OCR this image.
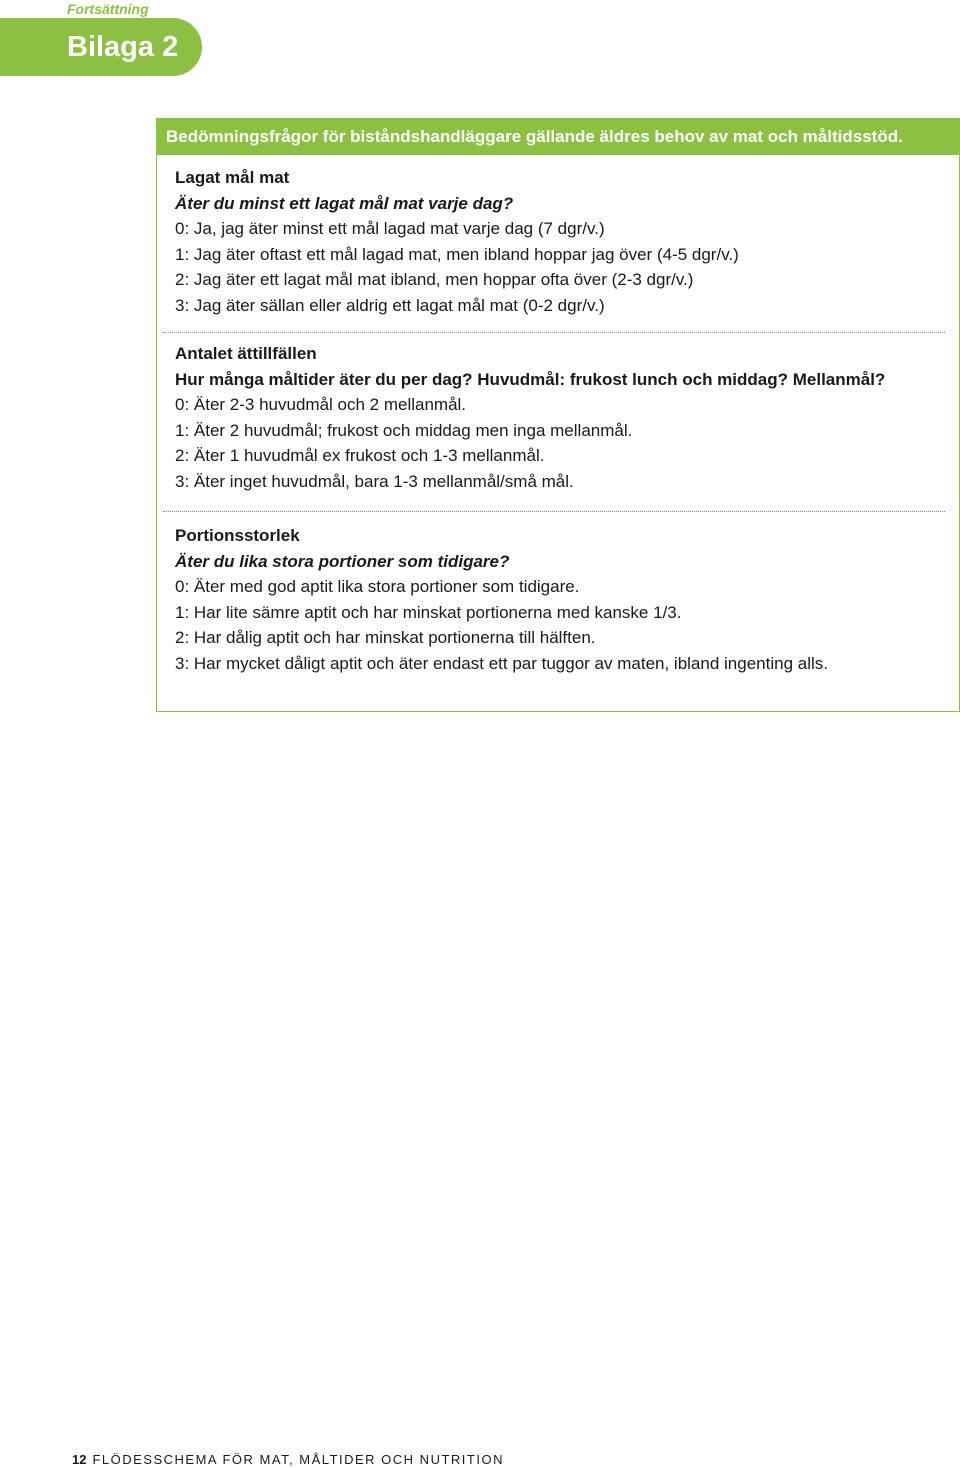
Fortsättning
Bilaga 2
Bedömningsfrågor för biståndshandläggare gällande äldres behov av mat och måltidsstöd.
Lagat mål mat
Äter du minst ett lagat mål mat varje dag?
0: Ja, jag äter minst ett mål lagad mat varje dag (7 dgr/v.)
1: Jag äter oftast ett mål lagad mat, men ibland hoppar jag över (4-5 dgr/v.)
2: Jag äter ett lagat mål mat ibland, men hoppar ofta över (2-3 dgr/v.)
3: Jag äter sällan eller aldrig ett lagat mål mat (0-2 dgr/v.)
Antalet ättillfällen
Hur många måltider äter du per dag? Huvudmål: frukost lunch och middag? Mellanmål?
0: Äter 2-3 huvudmål och 2 mellanmål.
1: Äter 2 huvudmål; frukost och middag men inga mellanmål.
2: Äter 1 huvudmål ex frukost och 1-3 mellanmål.
3: Äter inget huvudmål, bara 1-3 mellanmål/små mål.
Portionsstorlek
Äter du lika stora portioner som tidigare?
0: Äter med god aptit lika stora portioner som tidigare.
1: Har lite sämre aptit och har minskat portionerna med kanske 1/3.
2: Har dålig aptit och har minskat portionerna till hälften.
3: Har mycket dåligt aptit och äter endast ett par tuggor av maten, ibland ingenting alls.
12 FLÖDESSCHEMA FÖR MAT, MÅLTIDER OCH NUTRITION
